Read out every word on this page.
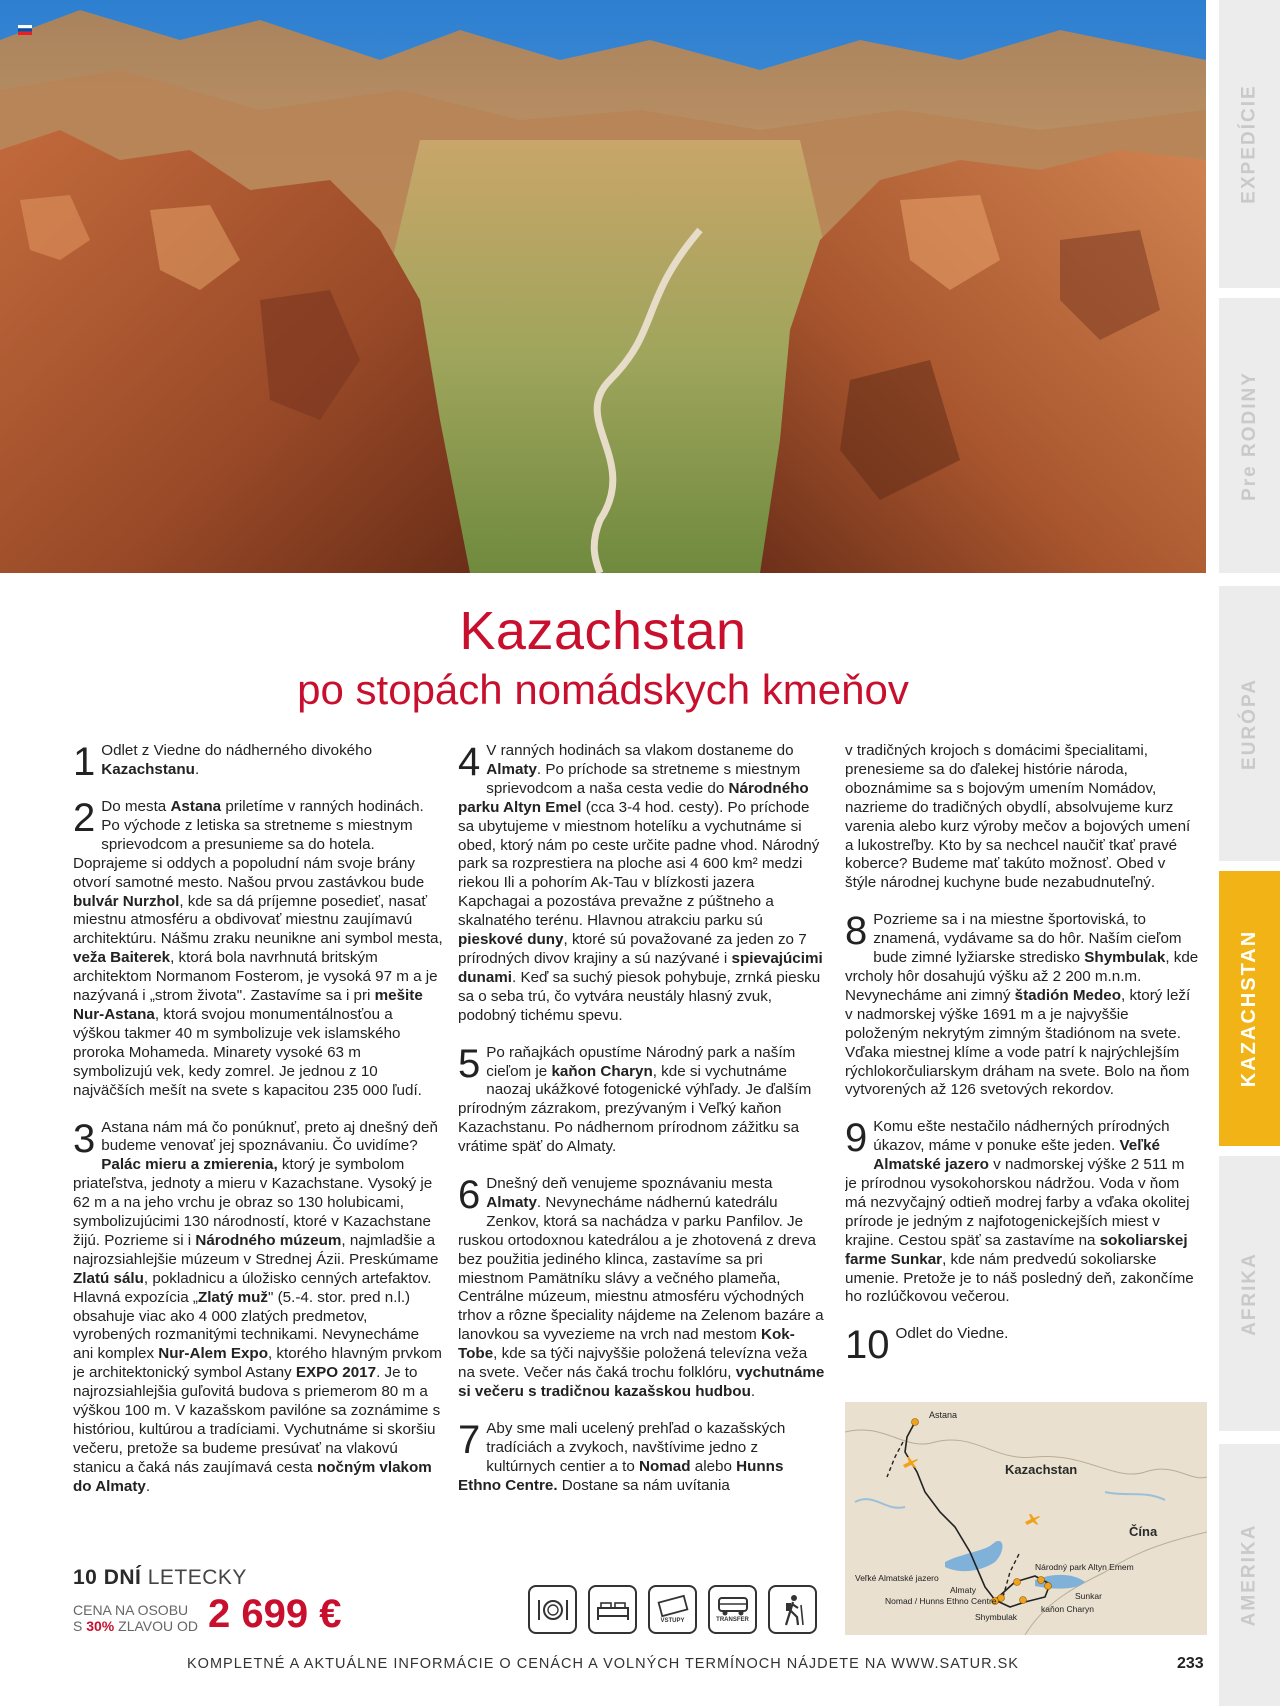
EXPEDÍCIE
Pre RODINY
EURÓPA
KAZACHSTAN
AFRIKA
AMERIKA
Kazachstan
po stopách nomádskych kmeňov
1 Odlet z Viedne do nádherného divokého Kazachstanu.

2 Do mesta Astana priletíme v ranných hodinách. Po východe z letiska sa stretneme s miestnym sprievodcom a presunieme sa do hotela. Doprajeme si oddych a popoludní nám svoje brány otvorí samotné mesto. Našou prvou zastávkou bude bulvár Nurzhol, kde sa dá príjemne posedieť, nasať miestnu atmosféru a obdivovať miestnu zaujímavú architektúru. Nášmu zraku neunikne ani symbol mesta, veža Baiterek, ktorá bola navrhnutá britským architektom Normanom Fosterom, je vysoká 97 m a je nazývaná i „strom života". Zastavíme sa i pri mešite Nur-Astana, ktorá svojou monumentálnosťou a výškou takmer 40 m symbolizuje vek islamského proroka Mohameda. Minarety vysoké 63 m symbolizujú vek, kedy zomrel. Je jednou z 10 najväčších mešít na svete s kapacitou 235 000 ľudí.

3 Astana nám má čo ponúknuť, preto aj dnešný deň budeme venovať jej spoznávaniu. Čo uvidíme? Palác mieru a zmierenia, ktorý je symbolom priateľstva, jednoty a mieru v Kazachstane. Vysoký je 62 m a na jeho vrchu je obraz so 130 holubicami, symbolizujúcimi 130 národností, ktoré v Kazachstane žijú. Pozrieme si i Národného múzeum, najmladšie a najrozsiahlejšie múzeum v Strednej Ázii. Preskúmame Zlatú sálu, pokladnicu a úložisko cenných artefaktov. Hlavná expozícia „Zlatý muž" (5.-4. stor. pred n.l.) obsahuje viac ako 4 000 zlatých predmetov, vyrobených rozmanitými technikami. Nevynecháme ani komplex Nur-Alem Expo, ktorého hlavným prvkom je architektonický symbol Astany EXPO 2017. Je to najrozsiahlejšia guľovitá budova s priemerom 80 m a výškou 100 m. V kazašskom pavilóne sa zoznámime s históriou, kultúrou a tradíciami. Vychutnáme si skoršiu večeru, pretože sa budeme presúvať na vlakovú stanicu a čaká nás zaujímavá cesta nočným vlakom do Almaty.

4 V ranných hodinách sa vlakom dostaneme do Almaty. Po príchode sa stretneme s miestnym sprievodcom a naša cesta vedie do Národného parku Altyn Emel (cca 3-4 hod. cesty). Po príchode sa ubytujeme v miestnom hotelíku a vychutnáme si obed, ktorý nám po ceste určite padne vhod. Národný park sa rozprestiera na ploche asi 4 600 km² medzi riekou Ili a pohorím Ak-Tau v blízkosti jazera Kapchagai a pozostáva prevažne z púštneho a skalnatého terénu. Hlavnou atrakciu parku sú pieskové duny, ktoré sú považované za jeden zo 7 prírodných divov krajiny a sú nazývané i spievajúcimi dunami. Keď sa suchý piesok pohybuje, zrnká piesku sa o seba trú, čo vytvára neustály hlasný zvuk, podobný tichému spevu.

5 Po raňajkách opustíme Národný park a naším cieľom je kaňon Charyn, kde si vychutnáme naozaj ukážkové fotogenické výhľady. Je ďalším prírodným zázrakom, prezývaným i Veľký kaňon Kazachstanu. Po nádhernom prírodnom zážitku sa vrátime späť do Almaty.

6 Dnešný deň venujeme spoznávaniu mesta Almaty. Nevynecháme nádhernú katedrálu Zenkov, ktorá sa nachádza v parku Panfilov. Je ruskou ortodoxnou katedrálou a je zhotovená z dreva bez použitia jediného klinca, zastavíme sa pri miestnom Pamätníku slávy a večného plameňa, Centrálne múzeum, miestnu atmosféru východných trhov a rôzne špeciality nájdeme na Zelenom bazáre a lanovkou sa vyvezieme na vrch nad mestom Kok-Tobe, kde sa týči najvyššie položená televízna veža na svete. Večer nás čaká trochu folklóru, vychutnáme si večeru s tradičnou kazašskou hudbou.

7 Aby sme mali ucelený prehľad o kazašských tradíciách a zvykoch, navštívime jedno z kultúrnych centier a to Nomad alebo Hunns Ethno Centre. Dostane sa nám uvítania

v tradičných krojoch s domácimi špecialitami, prenesieme sa do ďalekej histórie národa, oboznámime sa s bojovým umením Nomádov, nazrieme do tradičných obydlí, absolvujeme kurz varenia alebo kurz výroby mečov a bojových umení a lukostreľby. Kto by sa nechcel naučiť tkať pravé koberce? Budeme mať takúto možnosť. Obed v štýle národnej kuchyne bude nezabudnuteľný.

8 Pozrieme sa i na miestne športoviská, to znamená, vydávame sa do hôr. Naším cieľom bude zimné lyžiarske stredisko Shymbulak, kde vrcholy hôr dosahujú výšku až 2 200 m.n.m. Nevynecháme ani zimný štadión Medeo, ktorý leží v nadmorskej výške 1691 m a je najvyššie položeným nekrytým zimným štadiónom na svete. Vďaka miestnej klíme a vode patrí k najrýchlejším rýchlokorčuliarskym dráham na svete. Bolo na ňom vytvorených až 126 svetových rekordov.

9 Komu ešte nestačilo nádherných prírodných úkazov, máme v ponuke ešte jeden. Veľké Almatské jazero v nadmorskej výške 2 511 m je prírodnou vysokohorskou nádržou. Voda v ňom má nezvyčajný odtieň modrej farby a vďaka okolitej prírode je jedným z najfotogenickejších miest v krajine. Cestou späť sa zastavíme na sokoliarskej farme Sunkar, kde nám predvedú sokoliarske umenie. Pretože je to náš posledný deň, zakončíme ho rozlúčkovou večerou.

10 Odlet do Viedne.

Astana
Kazachstan
Čína
Veľké Almatské jazero
Almaty
Nomad / Hunns Ethno Centre
Shymbulak
Národný park Altyn Emem
Sunkar
kaňon Charyn
10 DNÍ LETECKY
CENA NA OSOBU
S 30% ZLAVOU OD 2 699 €	VSTUPY	TRANSFER
KOMPLETNÉ A AKTUÁLNE INFORMÁCIE O CENÁCH A VOLNÝCH TERMÍNOCH NÁJDETE NA WWW.SATUR.SK	233
